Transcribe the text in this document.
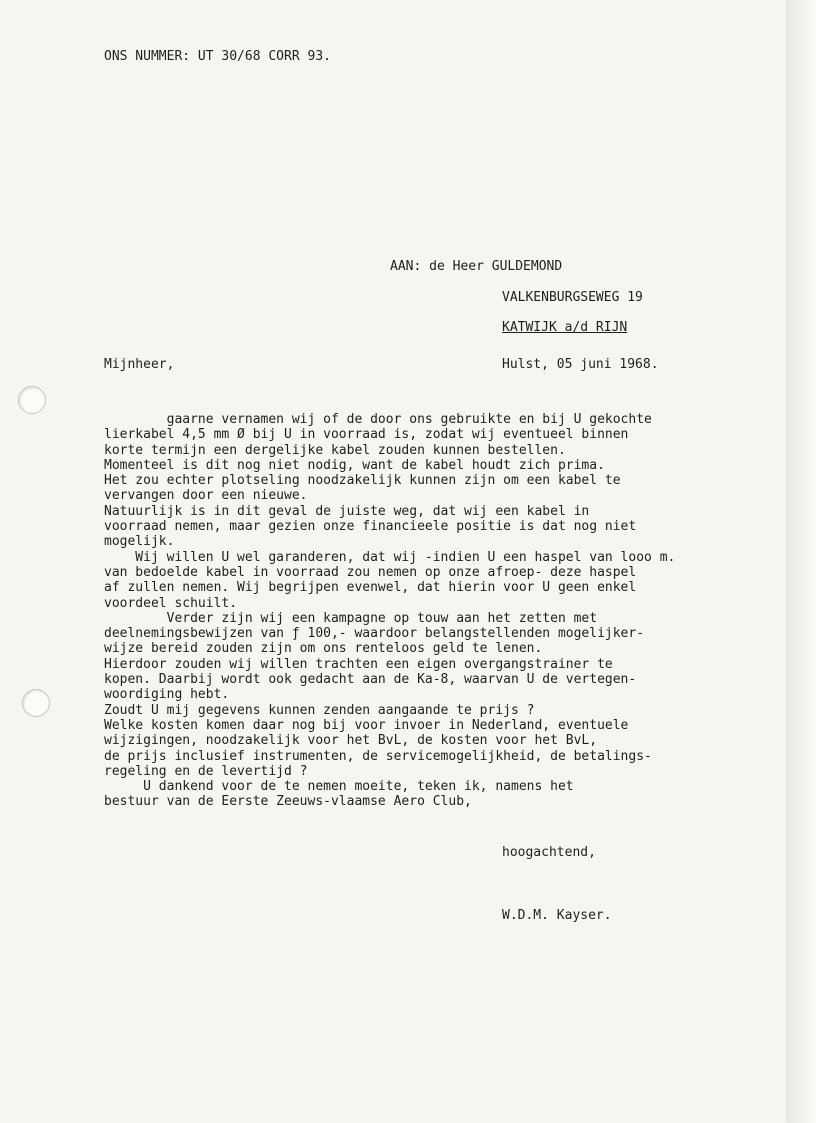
ONS NUMMER: UT 30/68 CORR 93.

AAN: de Heer GULDEMOND

VALKENBURGSEWEG 19

KATWIJK a/d RIJN

Mijnheer,	Hulst, 05 juni 1968.

gaarne vernamen wij of de door ons gebruikte en bij U gekochte
lierkabel 4,5 mm Ø bij U in voorraad is, zodat wij eventueel binnen
korte termijn een dergelijke kabel zouden kunnen bestellen.
Momenteel is dit nog niet nodig, want de kabel houdt zich prima.
Het zou echter plotseling noodzakelijk kunnen zijn om een kabel te
vervangen door een nieuwe.
Natuurlijk is in dit geval de juiste weg, dat wij een kabel in
voorraad nemen, maar gezien onze financieele positie is dat nog niet
mogelijk.
Wij willen U wel garanderen, dat wij -indien U een haspel van looo m.
van bedoelde kabel in voorraad zou nemen op onze afroep- deze haspel
af zullen nemen. Wij begrijpen evenwel, dat hierin voor U geen enkel
voordeel schuilt.
Verder zijn wij een kampagne op touw aan het zetten met
deelnemingsbewijzen van ƒ 100,- waardoor belangstellenden mogelijker-
wijze bereid zouden zijn om ons renteloos geld te lenen.
Hierdoor zouden wij willen trachten een eigen overgangstrainer te
kopen. Daarbij wordt ook gedacht aan de Ka-8, waarvan U de vertegen-
woordiging hebt.
Zoudt U mij gegevens kunnen zenden aangaande te prijs ?
Welke kosten komen daar nog bij voor invoer in Nederland, eventuele
wijzigingen, noodzakelijk voor het BvL, de kosten voor het BvL,
de prijs inclusief instrumenten, de servicemogelijkheid, de betalings-
regeling en de levertijd ?
U dankend voor de te nemen moeite, teken ik, namens het
bestuur van de Eerste Zeeuws-vlaamse Aero Club,

hoogachtend,

W.D.M. Kayser.
